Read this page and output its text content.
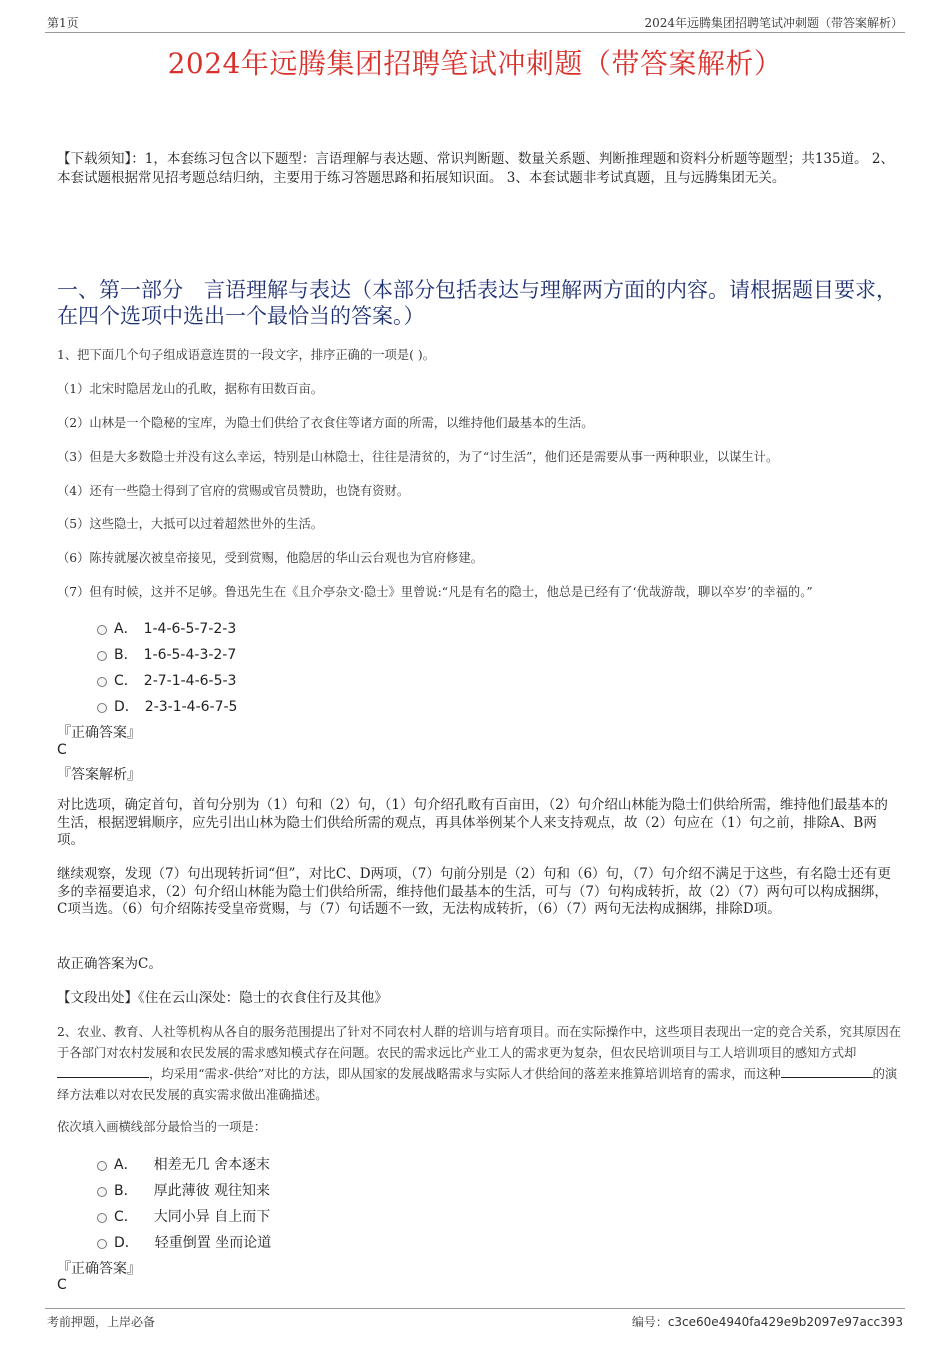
第1页	2024年远腾集团招聘笔试冲刺题（带答案解析）
2024年远腾集团招聘笔试冲刺题（带答案解析）
【下载须知】：1，本套练习包含以下题型：言语理解与表达题、常识判断题、数量关系题、判断推理题和资料分析题等题型；共135道。 2、本套试题根据常见招考题总结归纳，主要用于练习答题思路和拓展知识面。 3、本套试题非考试真题，且与远腾集团无关。
一、第一部分　言语理解与表达（本部分包括表达与理解两方面的内容。请根据题目要求，在四个选项中选出一个最恰当的答案。）
1、把下面几个句子组成语意连贯的一段文字，排序正确的一项是( )。
（1）北宋时隐居龙山的孔畋，据称有田数百亩。
（2）山林是一个隐秘的宝库，为隐士们供给了衣食住等诸方面的所需，以维持他们最基本的生活。
（3）但是大多数隐士并没有这么幸运，特别是山林隐士，往往是清贫的，为了“讨生活”，他们还是需要从事一两种职业，以谋生计。
（4）还有一些隐士得到了官府的赏赐或官员赞助，也饶有资财。
（5）这些隐士，大抵可以过着超然世外的生活。
（6）陈抟就屡次被皇帝接见，受到赏赐，他隐居的华山云台观也为官府修建。
（7）但有时候，这并不足够。鲁迅先生在《且介亭杂文·隐士》里曾说:“凡是有名的隐士，他总是已经有了‘优哉游哉，聊以卒岁’的幸福的。”
A． 1-4-6-5-7-2-3
B． 1-6-5-4-3-2-7
C． 2-7-1-4-6-5-3
D． 2-3-1-4-6-7-5
『正确答案』
C
『答案解析』
对比选项，确定首句，首句分别为（1）句和（2）句，（1）句介绍孔畋有百亩田，（2）句介绍山林能为隐士们供给所需，维持他们最基本的生活，根据逻辑顺序，应先引出山林为隐士们供给所需的观点，再具体举例某个人来支持观点，故（2）句应在（1）句之前，排除A、B两项。
继续观察，发现（7）句出现转折词“但”，对比C、D两项，（7）句前分别是（2）句和（6）句，（7）句介绍不满足于这些，有名隐士还有更多的幸福要追求，（2）句介绍山林能为隐士们供给所需，维持他们最基本的生活，可与（7）句构成转折，故（2）（7）两句可以构成捆绑，C项当选。（6）句介绍陈抟受皇帝赏赐，与（7）句话题不一致，无法构成转折，（6）（7）两句无法构成捆绑，排除D项。
故正确答案为C。
【文段出处】《住在云山深处：隐士的衣食住行及其他》
2、农业、教育、人社等机构从各自的服务范围提出了针对不同农村人群的培训与培育项目。而在实际操作中，这些项目表现出一定的竞合关系，究其原因在于各部门对农村发展和农民发展的需求感知模式存在问题。农民的需求远比产业工人的需求更为复杂，但农民培训项目与工人培训项目的感知方式却，均采用“需求-供给”对比的方法，即从国家的发展战略需求与实际人才供给间的落差来推算培训培育的需求，而这种	的演绎方法难以对农民发展的真实需求做出准确描述。
依次填入画横线部分最恰当的一项是：
A． 相差无几 舍本逐末
B． 厚此薄彼 观往知来
C． 大同小异 自上而下
D． 轻重倒置 坐而论道
『正确答案』
C
考前押题，上岸必备	编号：c3ce60e4940fa429e9b2097e97acc393
